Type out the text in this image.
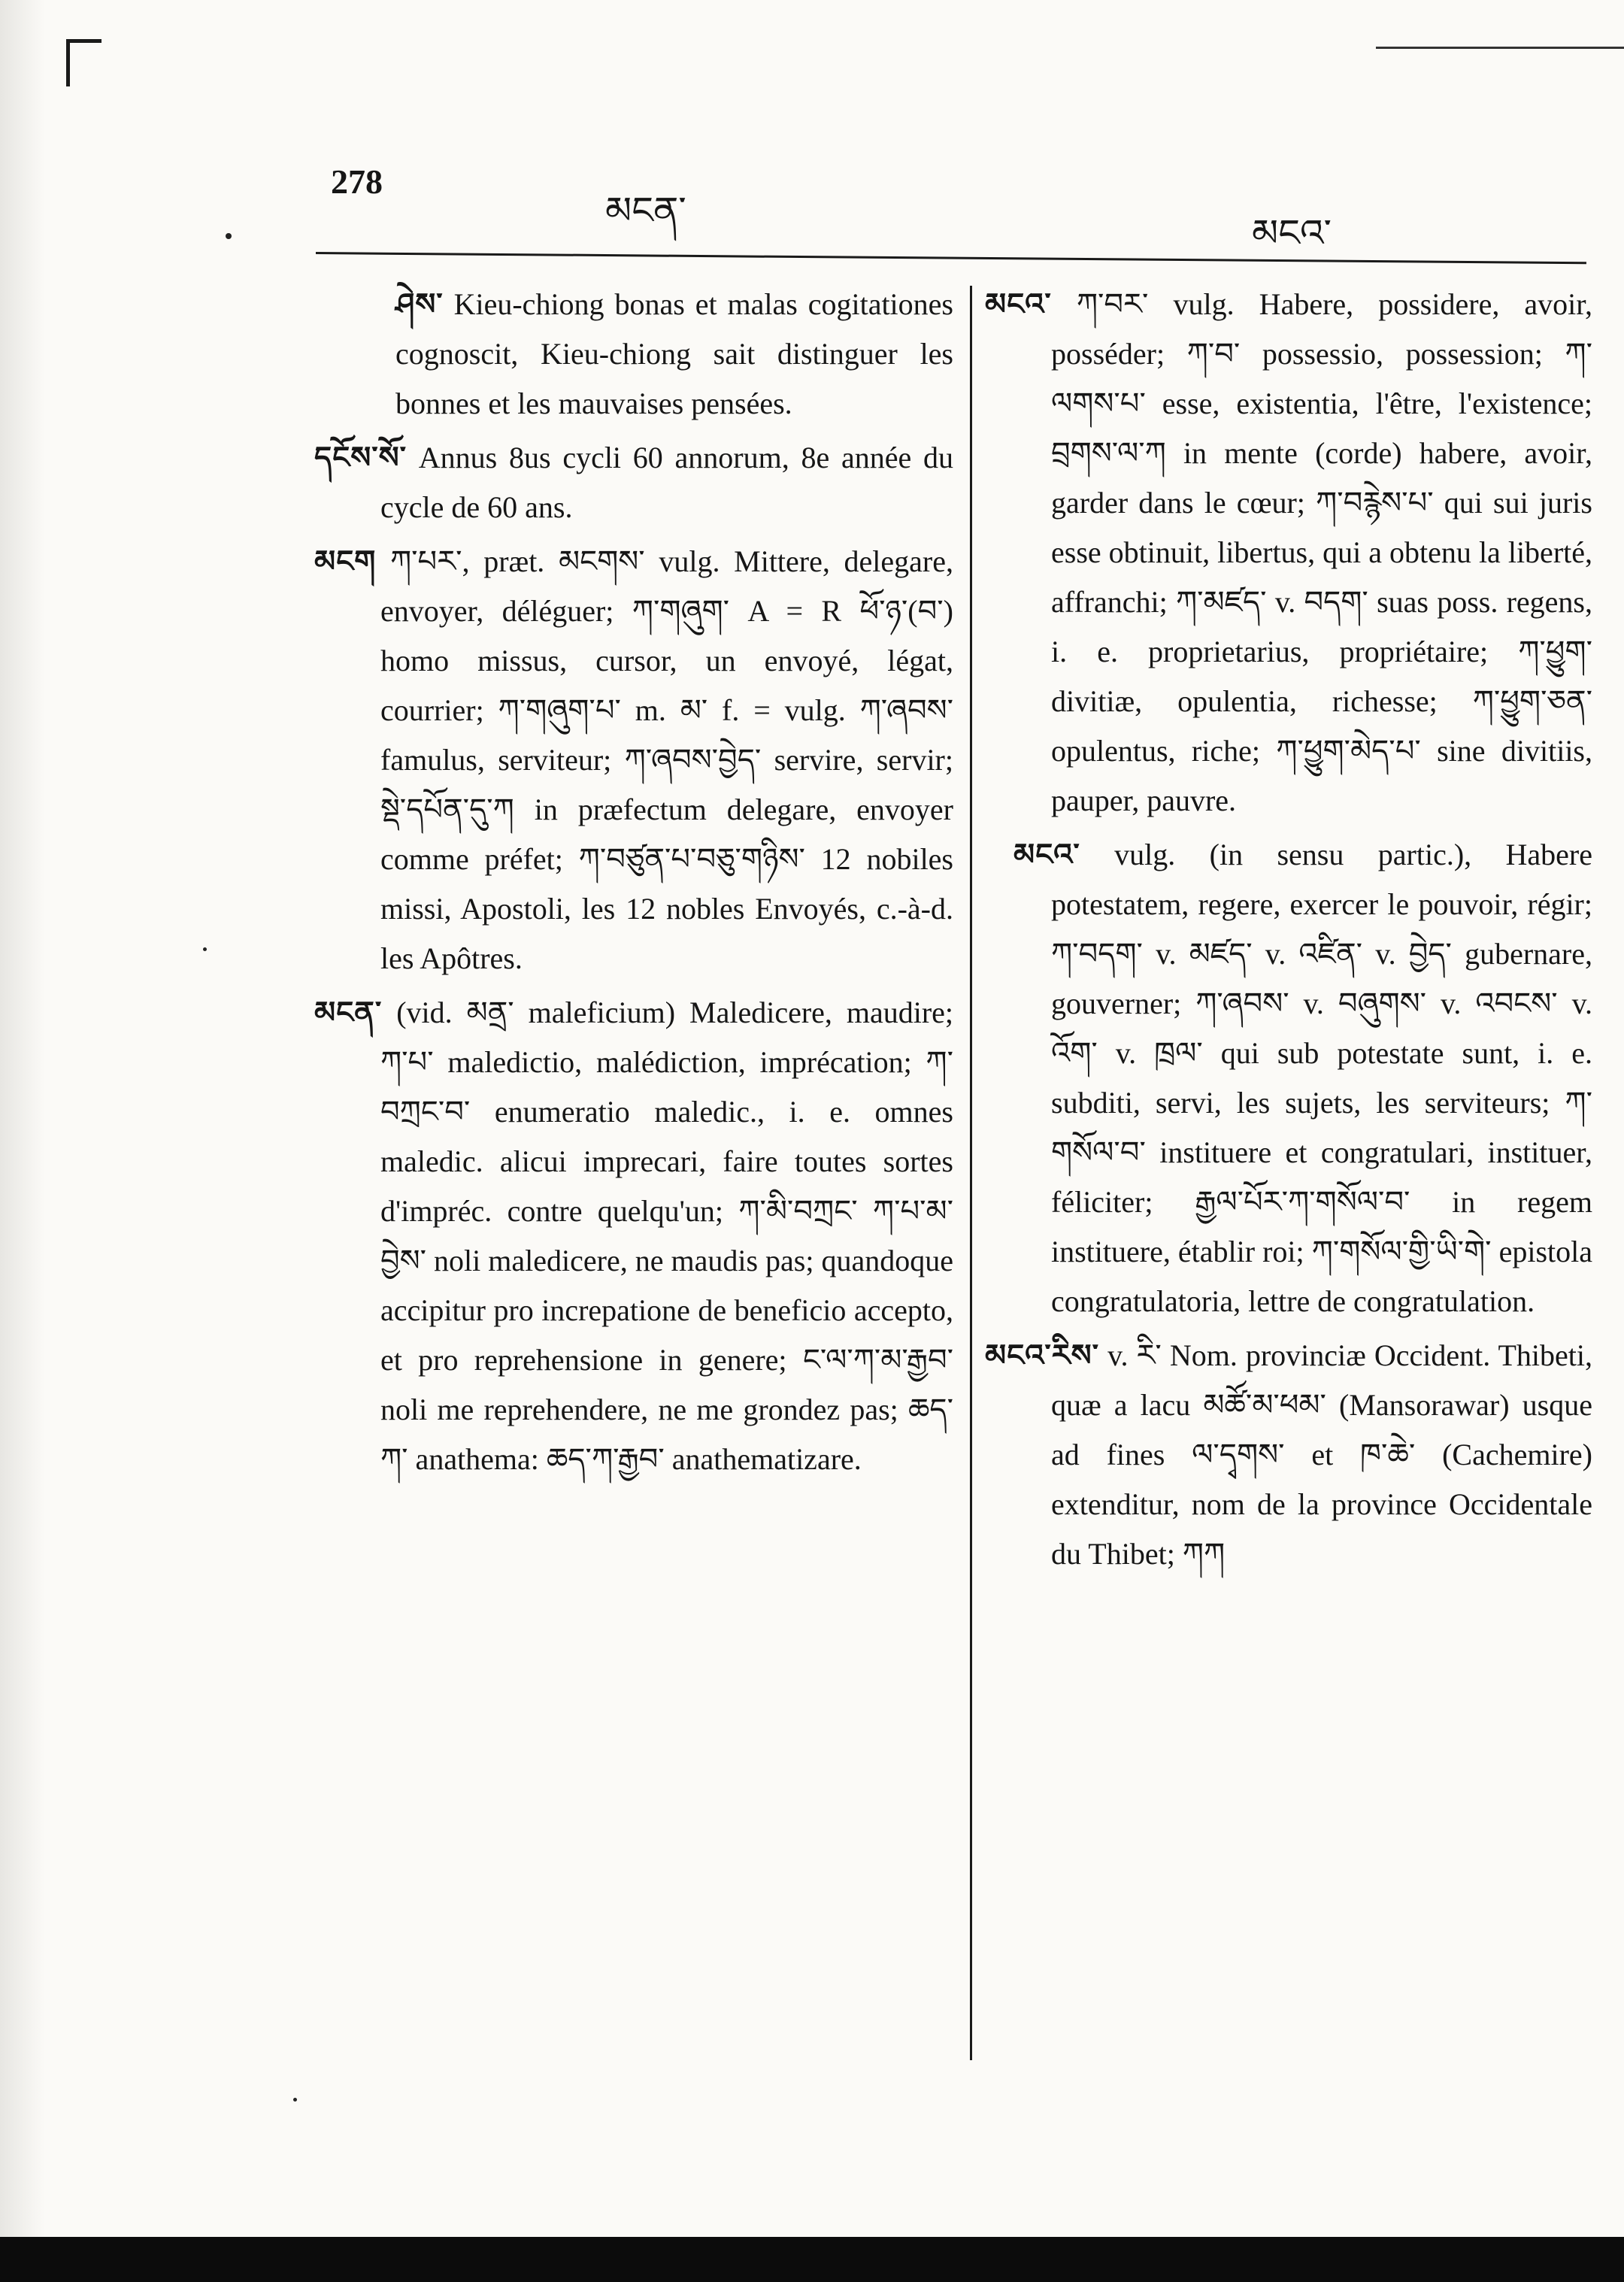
278
མངན་
མངའ་

ཤེས་ Kieu-chiong bonas et malas cogitationes cognoscit, Kieu-chiong sait distinguer les bonnes et les mauvaises pensées.

དངོས་སོ་ Annus 8us cycli 60 annorum, 8e année du cycle de 60 ans.

མངག ཀ་པར་, præt. མངགས་ vulg. Mittere, delegare, envoyer, déléguer; ཀ་གཞུག་ A = R ཕོ་ཉ་(བ་) homo missus, cursor, un envoyé, légat, courrier; ཀ་གཞུག་པ་ m. མ་ f. = vulg. ཀ་ཞབས་ famulus, serviteur; ཀ་ཞབས་བྱེད་ servire, servir; སྡེ་དཔོན་དུ་ཀ in præfectum delegare, envoyer comme préfet; ཀ་བཙུན་པ་བཅུ་གཉིས་ 12 nobiles missi, Apostoli, les 12 nobles Envoyés, c.-à-d. les Apôtres.

མངན་ (vid. མནྲ་ maleficium) Maledicere, maudire; ཀ་པ་ maledictio, malédiction, imprécation; ཀ་བཀྲང་བ་ enumeratio maledic., i. e. omnes maledic. alicui imprecari, faire toutes sortes d'impréc. contre quelqu'un; ཀ་མི་བཀྲང་ ཀ་པ་མ་བྱེས་ noli maledicere, ne maudis pas; quandoque accipitur pro increpatione de beneficio accepto, et pro reprehensione in genere; ང་ལ་ཀ་མ་རྒྱབ་ noli me reprehendere, ne me grondez pas; ཆད་ཀ་ anathema: ཆད་ཀ་རྒྱབ་ anathematizare.

མངའ་ ཀ་བར་ vulg. Habere, possidere, avoir, posséder; ཀ་བ་ possessio, possession; ཀ་ལགས་པ་ esse, existentia, l'être, l'existence; བྲགས་ལ་ཀ in mente (corde) habere, avoir, garder dans le cœur; ཀ་བརྙེས་པ་ qui sui juris esse obtinuit, libertus, qui a obtenu la liberté, affranchi; ཀ་མཛད་ v. བདག་ suas poss. regens, i. e. proprietarius, propriétaire; ཀ་ཕྱུག་ divitiæ, opulentia, richesse; ཀ་ཕྱུག་ཅན་ opulentus, riche; ཀ་ཕྱུག་མེད་པ་ sine divitiis, pauper, pauvre.

མངའ་ vulg. (in sensu partic.), Habere potestatem, regere, exercer le pouvoir, régir; ཀ་བདག་ v. མཛད་ v. འཛིན་ v. བྱེད་ gubernare, gouverner; ཀ་ཞབས་ v. བཞུགས་ v. འབངས་ v. འོག་ v. ཁྲལ་ qui sub potestate sunt, i. e. subditi, servi, les sujets, les serviteurs; ཀ་གསོལ་བ་ instituere et congratulari, instituer, féliciter; རྒྱལ་པོར་ཀ་གསོལ་བ་ in regem instituere, établir roi; ཀ་གསོལ་གྱི་ཡི་གེ་ epistola congratulatoria, lettre de congratulation.

མངའ་རིས་ v. རི་ Nom. provinciæ Occident. Thibeti, quæ a lacu མཚོ་མ་ཕམ་ (Mansorawar) usque ad fines ལ་དྭགས་ et ཁ་ཆེ་ (Cachemire) extenditur, nom de la province Occidentale du Thibet; ཀཀ
